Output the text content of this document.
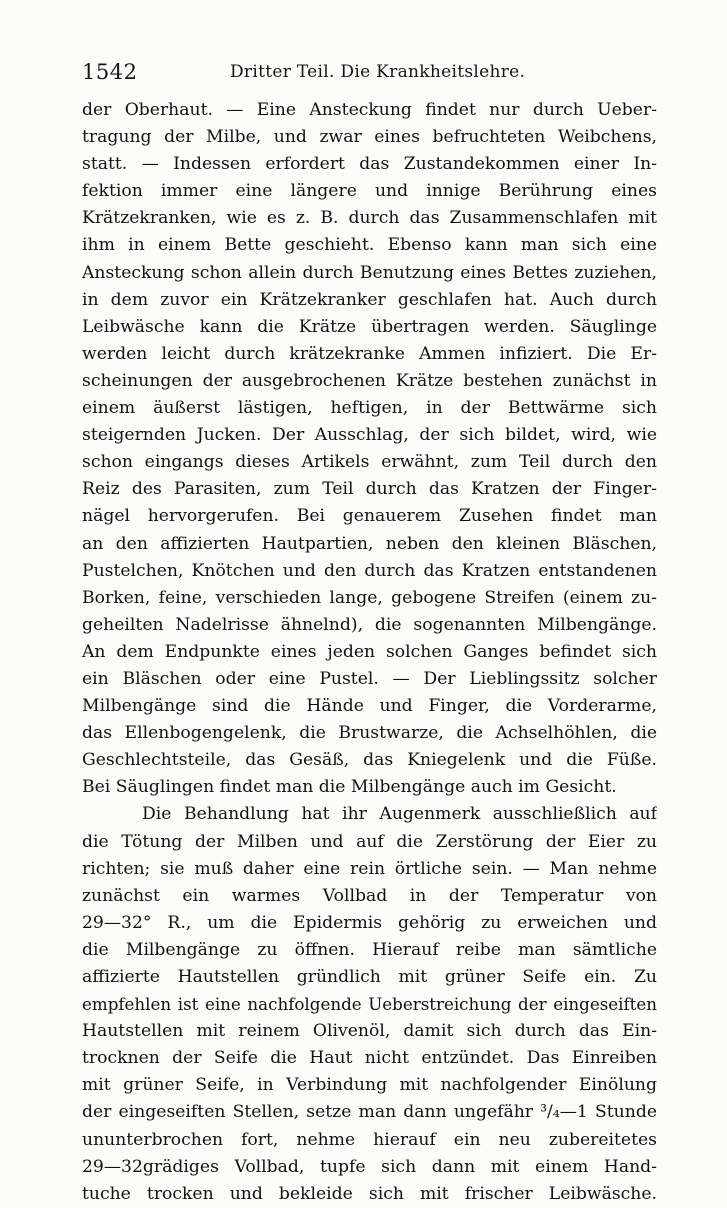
1542	Dritter Teil. Die Krankheitslehre.
der Oberhaut. — Eine Ansteckung findet nur durch Ueber-
tragung der Milbe, und zwar eines befruchteten Weibchens,
statt. — Indessen erfordert das Zustandekommen einer In-
fektion immer eine längere und innige Berührung eines
Krätzekranken, wie es z. B. durch das Zusammenschlafen mit
ihm in einem Bette geschieht. Ebenso kann man sich eine
Ansteckung schon allein durch Benutzung eines Bettes zuziehen,
in dem zuvor ein Krätzekranker geschlafen hat. Auch durch
Leibwäsche kann die Krätze übertragen werden. Säuglinge
werden leicht durch krätzekranke Ammen infiziert. Die Er-
scheinungen der ausgebrochenen Krätze bestehen zunächst in
einem äußerst lästigen, heftigen, in der Bettwärme sich
steigernden Jucken. Der Ausschlag, der sich bildet, wird, wie
schon eingangs dieses Artikels erwähnt, zum Teil durch den
Reiz des Parasiten, zum Teil durch das Kratzen der Finger-
nägel hervorgerufen. Bei genauerem Zusehen findet man
an den affizierten Hautpartien, neben den kleinen Bläschen,
Pustelchen, Knötchen und den durch das Kratzen entstandenen
Borken, feine, verschieden lange, gebogene Streifen (einem zu-
geheilten Nadelrisse ähnelnd), die sogenannten Milbengänge.
An dem Endpunkte eines jeden solchen Ganges befindet sich
ein Bläschen oder eine Pustel. — Der Lieblingssitz solcher
Milbengänge sind die Hände und Finger, die Vorderarme,
das Ellenbogengelenk, die Brustwarze, die Achselhöhlen, die
Geschlechtsteile, das Gesäß, das Kniegelenk und die Füße.
Bei Säuglingen findet man die Milbengänge auch im Gesicht.
Die Behandlung hat ihr Augenmerk ausschließlich auf
die Tötung der Milben und auf die Zerstörung der Eier zu
richten; sie muß daher eine rein örtliche sein. — Man nehme
zunächst ein warmes Vollbad in der Temperatur von
29—32° R., um die Epidermis gehörig zu erweichen und
die Milbengänge zu öffnen. Hierauf reibe man sämtliche
affizierte Hautstellen gründlich mit grüner Seife ein. Zu
empfehlen ist eine nachfolgende Ueberstreichung der eingeseiften
Hautstellen mit reinem Olivenöl, damit sich durch das Ein-
trocknen der Seife die Haut nicht entzündet. Das Einreiben
mit grüner Seife, in Verbindung mit nachfolgender Einölung
der eingeseiften Stellen, setze man dann ungefähr ³/₄—1 Stunde
ununterbrochen fort, nehme hierauf ein neu zubereitetes
29—32grädiges Vollbad, tupfe sich dann mit einem Hand-
tuche trocken und bekleide sich mit frischer Leibwäsche.
